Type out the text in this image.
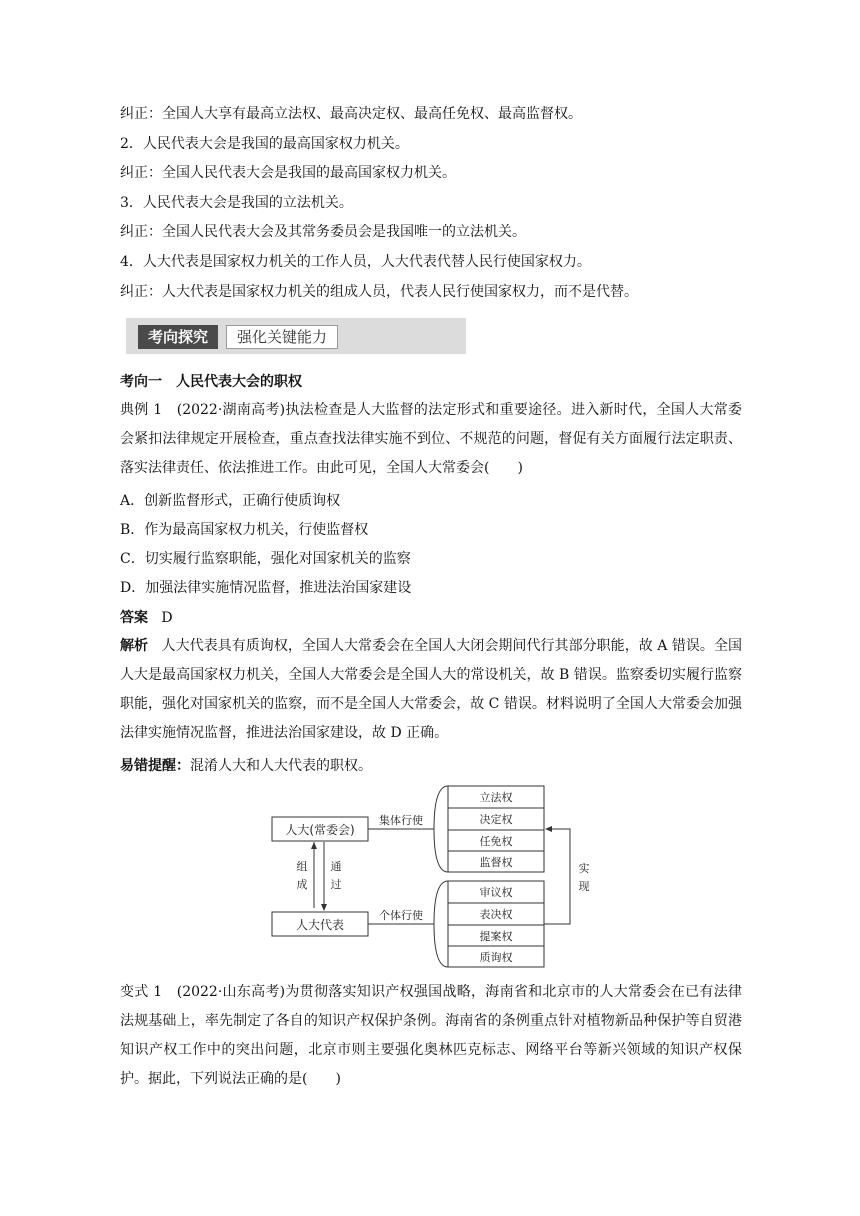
纠正：全国人大享有最高立法权、最高决定权、最高任免权、最高监督权。
2．人民代表大会是我国的最高国家权力机关。
纠正：全国人民代表大会是我国的最高国家权力机关。
3．人民代表大会是我国的立法机关。
纠正：全国人民代表大会及其常务委员会是我国唯一的立法机关。
4．人大代表是国家权力机关的工作人员，人大代表代替人民行使国家权力。
纠正：人大代表是国家权力机关的组成人员，代表人民行使国家权力，而不是代替。
考向探究	强化关键能力
考向一　人民代表大会的职权
典例 1　(2022·湖南高考)执法检查是人大监督的法定形式和重要途径。进入新时代，全国人大常委会紧扣法律规定开展检查，重点查找法律实施不到位、不规范的问题，督促有关方面履行法定职责、落实法律责任、依法推进工作。由此可见，全国人大常委会(　　)
A．创新监督形式，正确行使质询权
B．作为最高国家权力机关，行使监督权
C．切实履行监察职能，强化对国家机关的监察
D．加强法律实施情况监督，推进法治国家建设
答案 D
解析 人大代表具有质询权，全国人大常委会在全国人大闭会期间代行其部分职能，故 A 错误。全国人大是最高国家权力机关，全国人大常委会是全国人大的常设机关，故 B 错误。监察委切实履行监察职能，强化对国家机关的监察，而不是全国人大常委会，故 C 错误。材料说明了全国人大常委会加强法律实施情况监督，推进法治国家建设，故 D 正确。
易错提醒：混淆人大和人大代表的职权。
人大(常委会)
人大代表
组
成
通
过
集体行使
个体行使
立法权
决定权
任免权
监督权
审议权
表决权
提案权
质询权
实
现
变式 1　(2022·山东高考)为贯彻落实知识产权强国战略，海南省和北京市的人大常委会在已有法律法规基础上，率先制定了各自的知识产权保护条例。海南省的条例重点针对植物新品种保护等自贸港知识产权工作中的突出问题，北京市则主要强化奥林匹克标志、网络平台等新兴领域的知识产权保护。据此，下列说法正确的是(　　)
